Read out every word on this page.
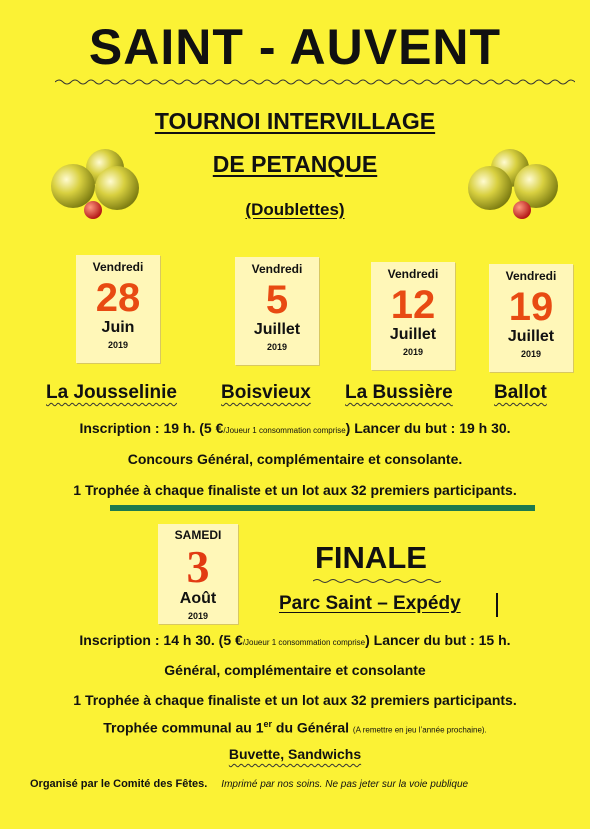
SAINT - AUVENT
TOURNOI INTERVILLAGE
DE PETANQUE
(Doublettes)
Vendredi
28
Juin
2019
Vendredi
5
Juillet
2019
Vendredi
12
Juillet
2019
Vendredi
19
Juillet
2019
La Jousselinie Boisvieux La Bussière Ballot
Inscription : 19 h. (5 €/Joueur 1 consommation comprise) Lancer du but : 19 h 30.
Concours Général, complémentaire et consolante.
1 Trophée à chaque finaliste et un lot aux 32 premiers participants.
SAMEDI
3
Août
2019
FINALE
Parc Saint – Expédy
Inscription : 14 h 30. (5 €/Joueur 1 consommation comprise) Lancer du but : 15 h.
Général, complémentaire et consolante
1 Trophée à chaque finaliste et un lot aux 32 premiers participants.
Trophée communal au 1er du Général (A remettre en jeu l’année prochaine).
Buvette, Sandwichs
Organisé par le Comité des Fêtes. Imprimé par nos soins. Ne pas jeter sur la voie publique
